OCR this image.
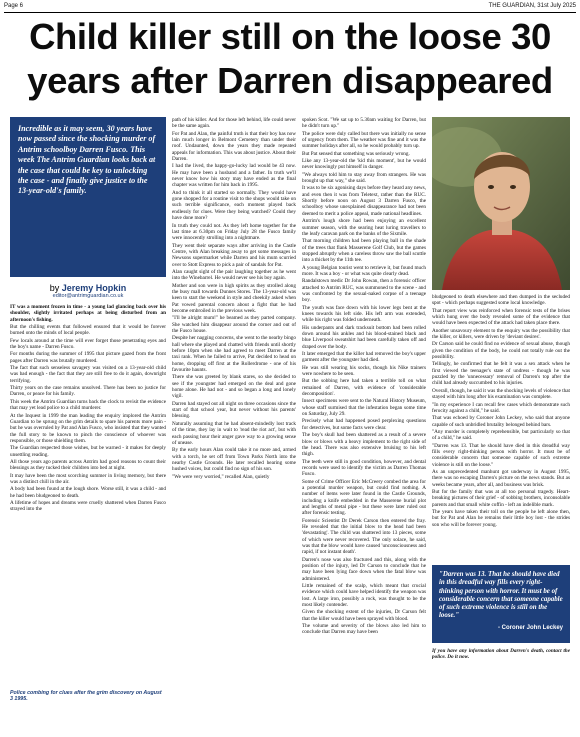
Page 6	THE GUARDIAN, 31st July 2025
Child killer still on the loose 30 years after Darren disappeared

Incredible as it may seem, 30 years have now passed since the shocking murder of Antrim schoolboy Darren Fusco. This week The Antrim Guardian looks back at the case that could be key to unlocking the case - and finally give justice to the 13-year-old's family.

by Jeremy Hopkin
editor@antrimguardian.co.uk

IT was a moment frozen in time - a young lad glancing back over his shoulder, slightly irritated perhaps at being disturbed from an afternoon's fishing.

But the chilling events that followed ensured that it would be forever burned onto the minds of local people.

Few locals around at the time will ever forget those penetrating eyes and the boy's name - Darren Fusco.

For months during the summer of 1995 that picture gazed from the front pages after Darren was brutally murdered.

The fact that such senseless savagery was visited on a 13-year-old child was bad enough - the fact that they are still free to do it again, downright terrifying.

Thirty years on the case remains unsolved. There has been no justice for Darren, or peace for his family.

This week the Antrim Guardian turns back the clock to revisit the evidence that may yet lead police to a child murderer.

At the Inquest in 1999 the man leading the enquiry implored the Antrim Guardian to be sprung on the grim details to spare his parents more pain - but he was overruled by Pat and Alan Fusco, who insisted that they wanted the full story to be known to pinch the conscience of whoever was responsible, or those shielding them.

The Guardian respected those wishes, but be warned - it makes for deeply unsettling reading.

All those years ago parents across Antrim had good reasons to count their blessings as they tucked their children into bed at night.

It may have been the most scorching summer in living memory, but there was a distinct chill in the air.

A body had been found at the lough shore. Worse still, it was a child - and he had been bludgeoned to death.

A lifetime of hopes and dreams were cruelly shattered when Darren Fusco strayed into the

path of his killer. And for those left behind, life could never be the same again.

For Pat and Alan, the painful truth is that their boy has now lain much longer in Belmont Cemetery than under their roof. Undaunted, down the years they made repeated appeals for information. This was about justice. About their Darren.

I had the lived, the happy-go-lucky lad would be 43 now. He may have been a husband and a father. In truth we'll never know how his story may have ended as the final chapter was written for him back in 1995.

And to think it all started so normally. They would have gone shopped for a routine visit to the shops would take on such terrible significance, each moment played back endlessly for clues. Were they being watched? Could they have done more?

In truth they could not. As they left home together for the last time at 6.30pm on Friday July 28 the Fusco family were innocently strolling into a nightmare.

They went their separate ways after arriving in the Castle Centre, with Alan breaking away to get some messages in Newsons supermarket while Darren and his mum scurried over to Stott Express to pick a pair of sandals for Pat.

Alan caught sight of the pair laughing together as he went into the Winebarrel. He would never see his boy again.

Mother and son were in high spirits as they strolled along the busy mall towards Dunnes Stores. The 13-year-old was keen to start the weekend in style and cheekily asked when Pat vowed parental concern about a fight that he had become embroiled in the previous week.

"I'll be alright mum!" he beamed as they parted company. She watched him disappear around the corner and out of the Fusco house.

Despite her nagging concerns, she went to the nearby bingo hall where she played and chatted with friends until shortly before 10pm when she had agreed to meet Darren at the taxi rank. When he failed to arrive, Pat decided to head on home, dropping off first at the Rollerdrome - one of his favourite haunts.

There she was greeted by blank stares, so she decided to see if the youngster had emerged on the deal and gone home alone. He had not - and so began a long and lonely vigil.

Darren had stayed out all night on three occasions since the start of that school year, but never without his parents' blessing.

Naturally assuming that he had absent-mindedly lost track of the time, they lay in wait to 'read the riot act', but with each passing hour their anger gave way to a growing sense of unease.

By the early hours Alan could take it no more and, armed with a torch, he set off from Town Parks North into the nearby Castle Grounds. He later recalled hearing some hushed voices, but could find no sign of his son.

"We were very worried," recalled Alan, quietly

spoken Scot. "We sat up to 5.30am waiting for Darren, but he didn't turn up."

The police were duly called but there was initially no sense of urgency from them. The weather was fine and it was the summer holidays after all, so he would probably turn up.

But Pat sensed that something was seriously wrong.

Like any 13-year-old the 'kid this moment', but he would never knowingly put himself in danger.

"We always told him to stay away from strangers. He was brought up that way," she said.

It was to be six agonising days before they heard any news, and even then it was from Teletext, rather than the RUC. Shortly before noon on August 3 Darren Fusco, the schoolboy whose unexplained disappearance had not been deemed to merit a police appeal, made national headlines.

Antrim's lough shore had been enjoying an excellent summer season, with the searing heat luring travellers to the leafy caravan park on the banks of the Sixmile.

That morning children had been playing ball in the shade of the trees that flank Masserene Golf Club, but the games stopped abruptly when a careless throw saw the ball scuttle into a thicket by the 11th tee.

A young Belgian tourist went to retrieve it, but found much more. It was a boy - or what was quite clearly dead.

Randalstown medic Dr John Rowan, then a forensic officer attached to Antrim RUC, was summoned to the scene - and was confronted by the sexual-naked corpse of a teenage boy.

The youth was face down with his lower legs bent at the knees towards his left side. His left arm was extended, while his right was folded underneath.

His underpants and dark tracksuit bottom had been rolled down around his ankles and his blood-stained black and blue Liverpool sweatshirt had been carefully taken off and draped over the body.

It later emerged that the killer had removed the boy's upper garment after the youngster had died.

He was still wearing his socks, though his Nike trainers were nowhere to be seen.

But the sobbing here had taken a terrible toll on what remained of Darren, with evidence of 'considerable decomposition'.

Insect specimens were sent to the Natural History Museum, whose staff surmised that the infestation began some time on Saturday, July 29.

Precisely what had happened posed perplexing questions for detectives, but some facts were clear.

The boy's skull had been shattered as a result of a severe blow or blows with a heavy implement to the right side of the head. There was also extensive bruising to his left thigh.

The teeth were still in good condition, however, and dental records were used to identify the victim as Darren Thomas Fusco.

Some of Crime Officer Eric McCreery combed the area for a potential murder weapon, but could find nothing. A number of items were later found in the Castle Grounds, including a knife embedded in the Masserene burial plot and lengths of metal pipe - but these were later ruled out after forensic testing.

Forensic Scientist Dr Derek Carson then entered the fray. He revealed that the initial blow to the head had been 'devastating'. The child was shattered into 13 pieces, some of which were never recovered. The only solace, he said, was that the blow would have caused 'unconsciousness and rapid, if not instant death'.

Darren's nose was also fractured and this, along with the position of the injury, led Dr Carson to conclude that he may have been lying face down when the fatal blow was administered.

Little remained of the scalp, which meant that crucial evidence which could have helped identify the weapon was lost. A large iron, possibly a rock, was thought to be the most likely contender.

Given the shocking extent of the injuries, Dr Carson felt that the killer would have been sprayed with blood.

The volume and severity of the blows also led him to conclude that Darren may have been

bludgeoned to death elsewhere and then dumped in the secluded spot - which perhaps suggested some local knowledge.

That report view was reinforced when forensic tests of the brises which hung over the body revealed some of the evidence that would have been expected of the attack had taken place there.

Another unsavoury element to the enquiry was the possibility that the killer, or killers, were driven by 'deviant desires'.

Dr Carson said he could find no evidence of sexual abuse, though given the condition of the body, he could not totally rule out the possibility.

Tellingly, he confirmed that he felt it was a sex attack when he first viewed the teenager's state of undress - though he was puzzled by the 'unnecessary' removal of Darren's top after the child had already succumbed to his injuries.

Overall, though, he said it was the shocking levels of violence that stayed with him long after his examination was complete.

"In my experience I can recall few cases which demonstrate such ferocity against a child," he said.

That was echoed by Coroner John Leckey, who said that anyone capable of such unbridled brutality belonged behind bars.

"Any murder is completely reprehensible, but particularly so that of a child," he said.

"Darren was 13. That he should have died in this dreadful way fills every right-thinking person with horror. It must be of considerable concern that someone capable of such extreme violence is still on the loose."

As an unprecedented manhunt got underway in August 1995, there was no escaping Darren's picture on the news stands. But as weeks became years, after all, and business was brisk.

But for the family that was at all too personal tragedy. Heart-breaking pictures of their grief - of sobbing brothers, inconsolable parents and that small white coffin - left an indelible mark.

The years have taken their toll on the people he left alone then, but for Pat and Alan he remains their little boy lost - the strides son who will be forever young.

"Darren was 13. That he should have died in this dreadful way fills every right-thinking person with horror. It must be of considerable concern that someone capable of such extreme violence is still on the loose."
- Coroner John Leckey

If you have any information about Darren's death, contact the police. Do it now.

Police combing for clues after the grim discovery on August 3 1995.
